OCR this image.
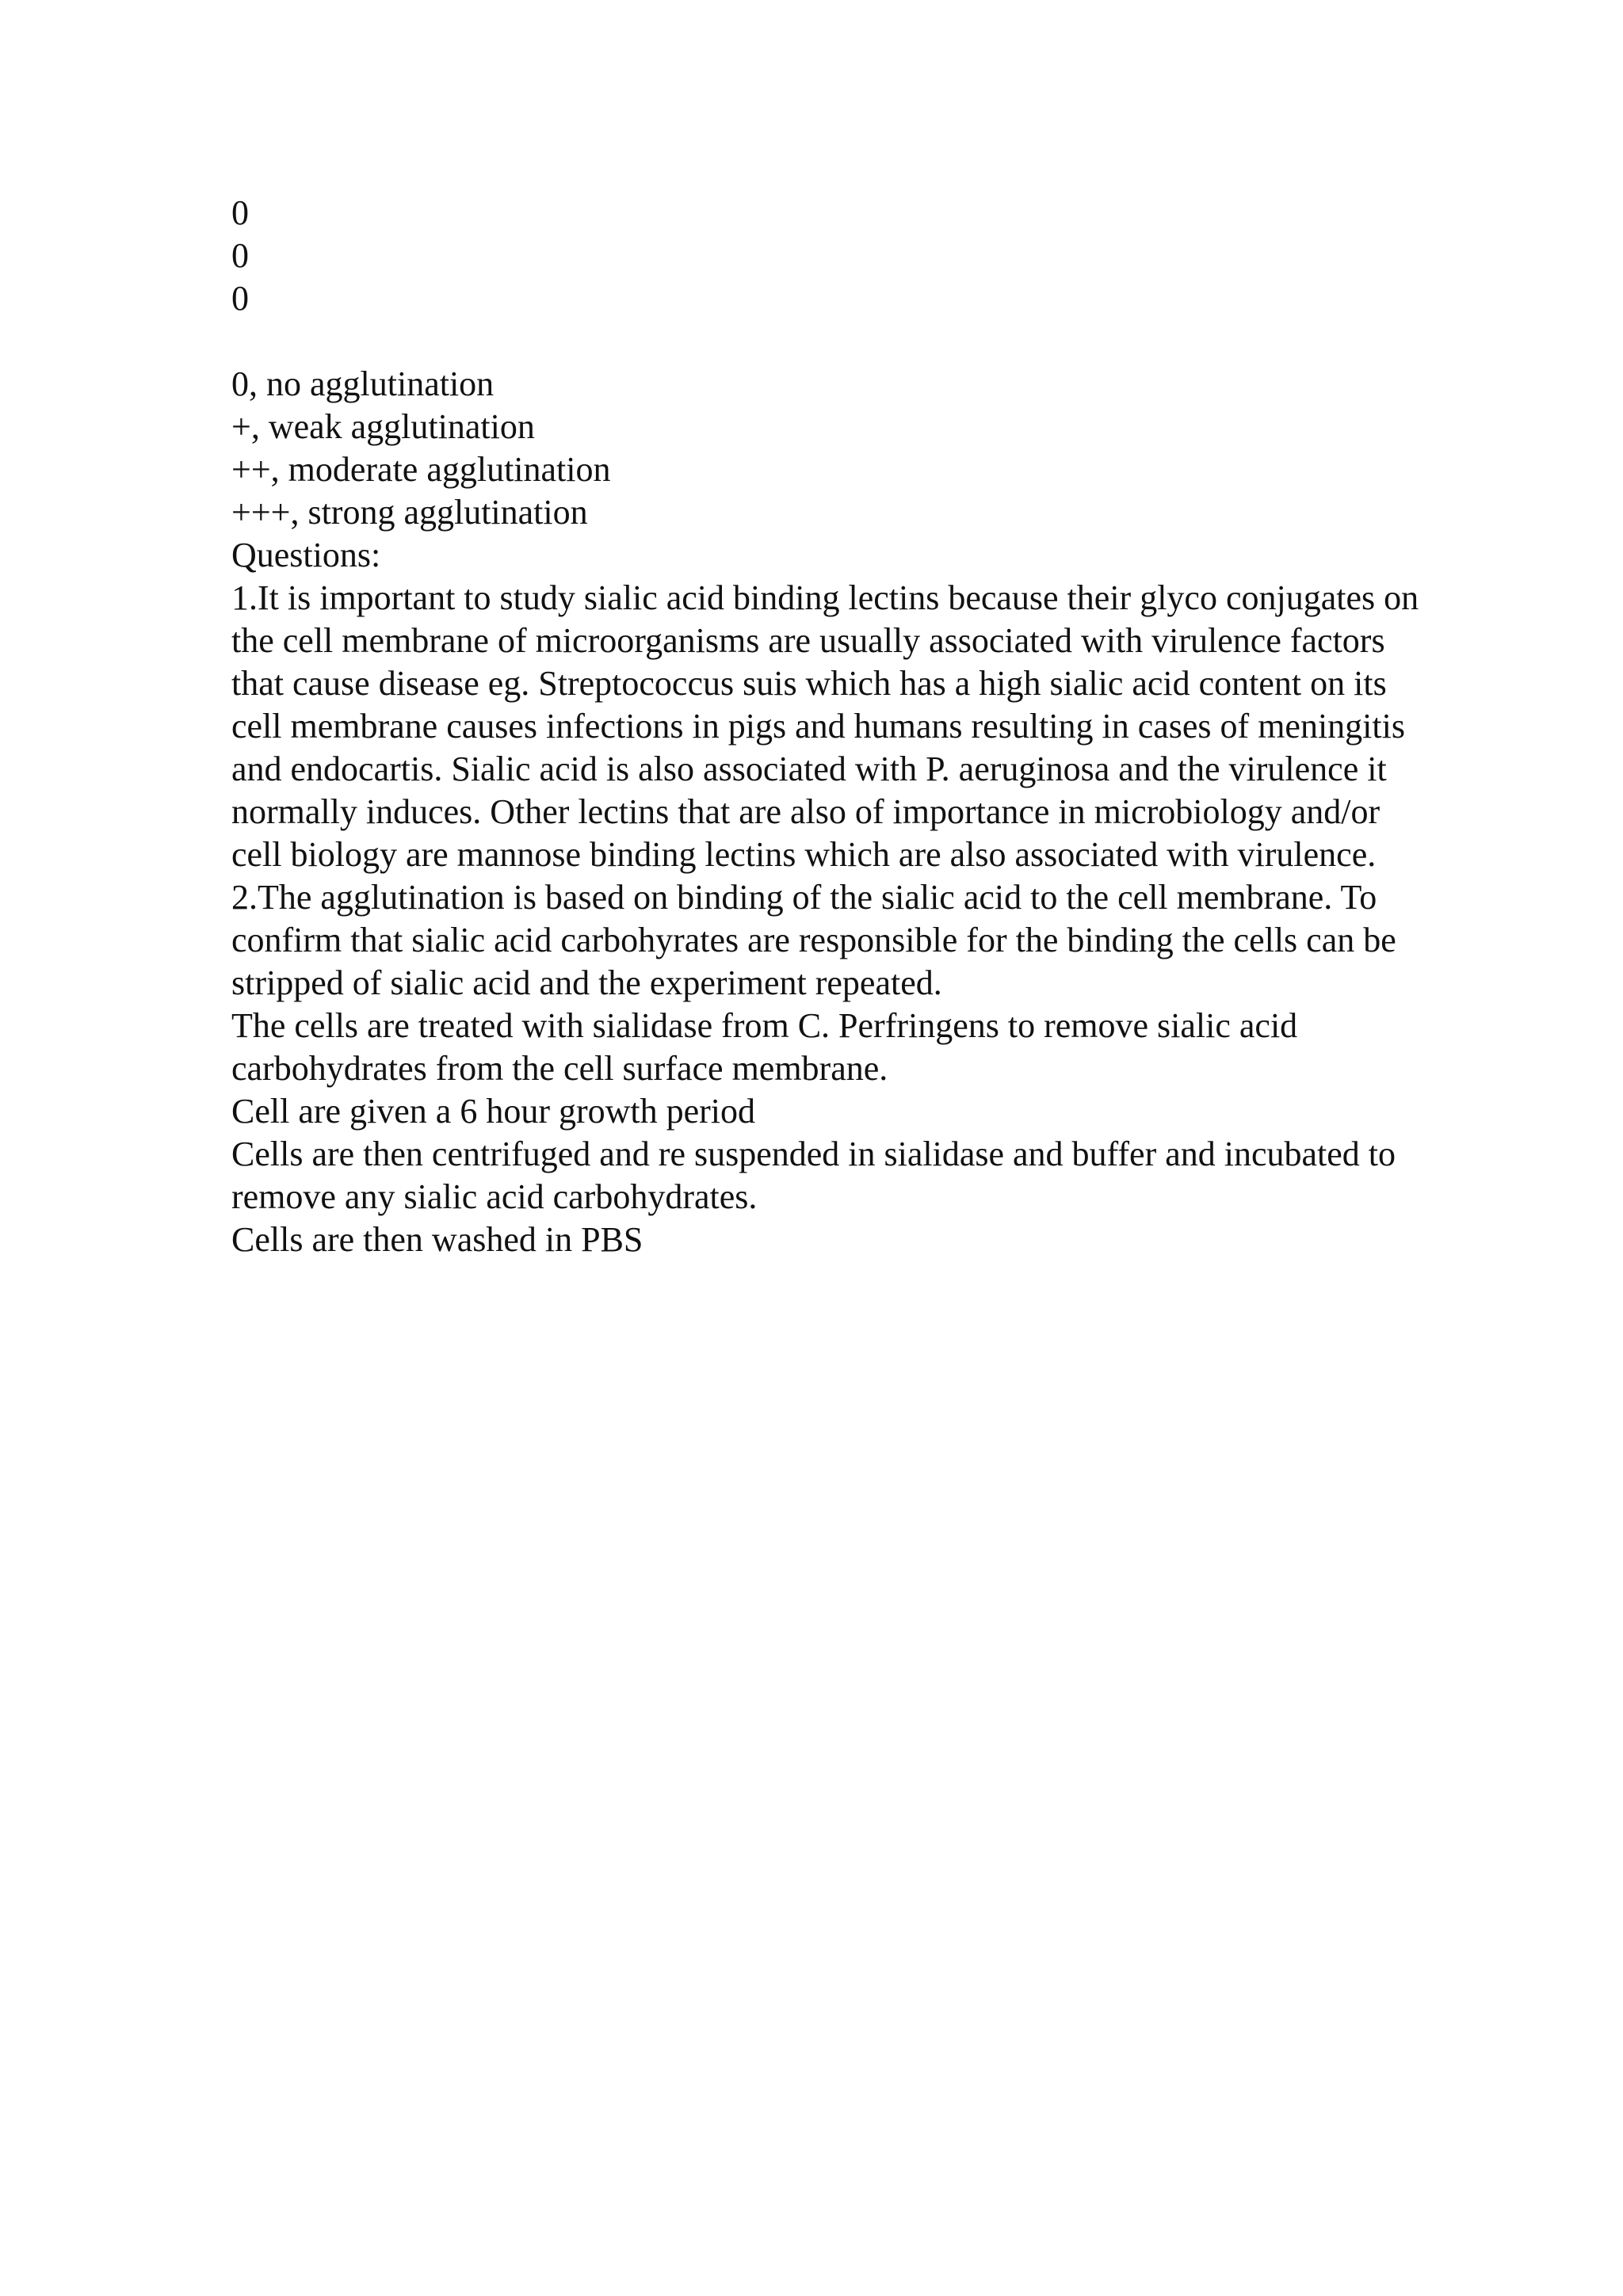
0
0
0
0, no agglutination
+, weak agglutination
++, moderate agglutination
+++, strong agglutination
Questions:
1.It is important to study sialic acid binding lectins because their glyco conjugates on
the cell membrane of microorganisms are usually associated with virulence factors
that cause disease eg. Streptococcus suis which has a high sialic acid content on its
cell membrane causes infections in pigs and humans resulting in cases of meningitis
and endocartis. Sialic acid is also associated with P. aeruginosa and the virulence it
normally induces. Other lectins that are also of importance in microbiology and/or
cell biology are mannose binding lectins which are also associated with virulence.
2.The agglutination is based on binding of the sialic acid to the cell membrane. To
confirm that sialic acid carbohyrates are responsible for the binding the cells can be
stripped of sialic acid and the experiment repeated.
The cells are treated with sialidase from C. Perfringens to remove sialic acid
carbohydrates from the cell surface membrane.
Cell are given a 6 hour growth period
Cells are then centrifuged and re suspended in sialidase and buffer and incubated to
remove any sialic acid carbohydrates.
Cells are then washed in PBS
